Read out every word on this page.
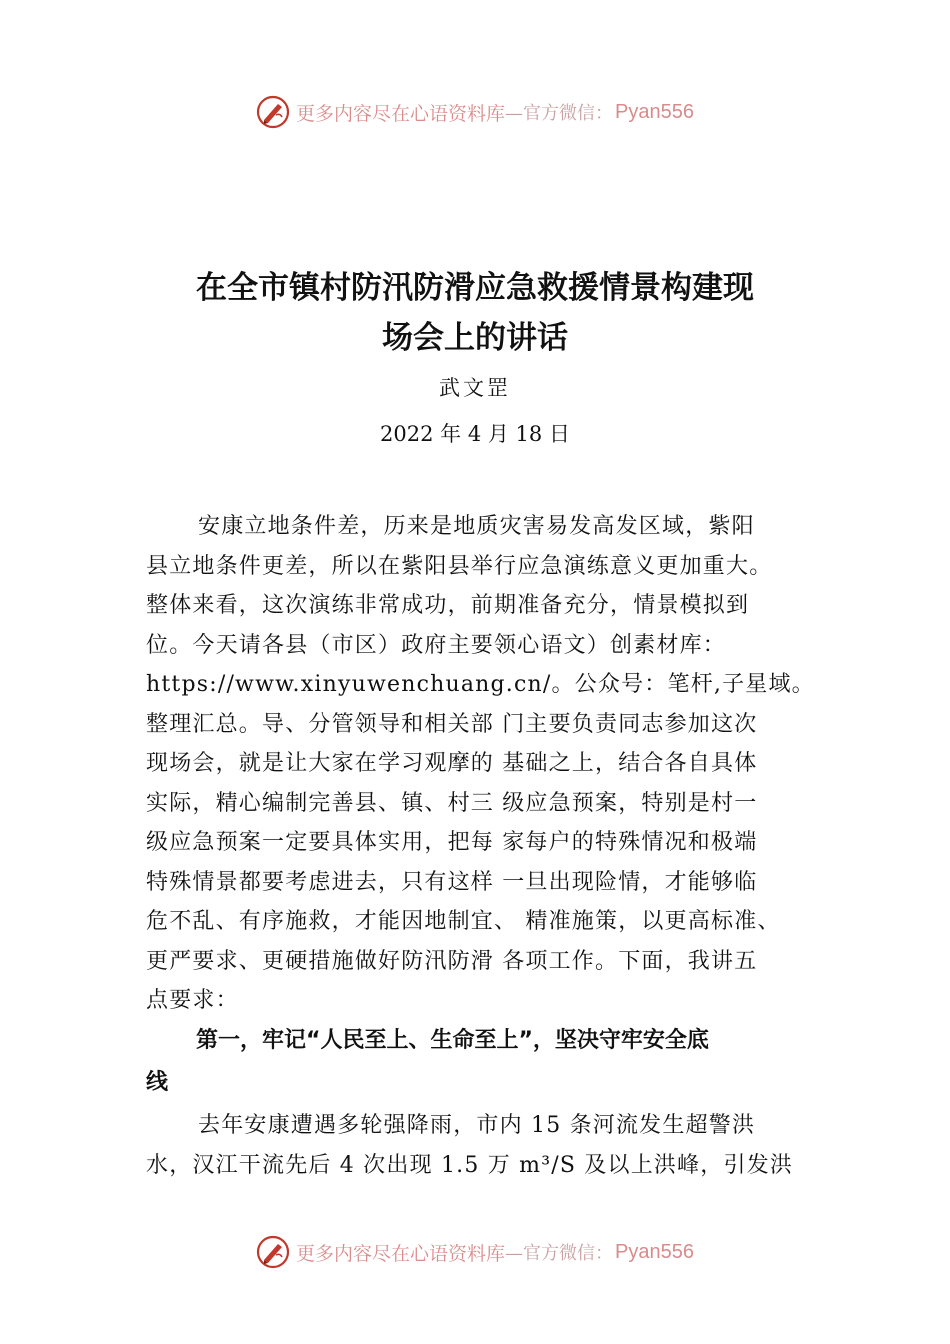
更多内容尽在心语资料库 —官方微信： Pyan556
在全市镇村防汛防滑应急救援情景构建现
场会上的讲话
武文罡
2022 年 4 月 18 日
安康立地条件差，历来是地质灾害易发高发区域，紫阳
县立地条件更差，所以在紫阳县举行应急演练意义更加重大。
整体来看，这次演练非常成功，前期准备充分，情景模拟到
位。今天请各县（市区）政府主要领心语文）创素材库：
https://www.xinyuwenchuang.cn/。公众号：笔杆,子星域。
整理汇总。导、分管领导和相关部 门主要负责同志参加这次
现场会，就是让大家在学习观摩的 基础之上，结合各自具体
实际，精心编制完善县、镇、村三 级应急预案，特别是村一
级应急预案一定要具体实用，把每 家每户的特殊情况和极端
特殊情景都要考虑进去，只有这样 一旦出现险情，才能够临
危不乱、有序施救，才能因地制宜、 精准施策，以更高标准、
更严要求、更硬措施做好防汛防滑 各项工作。下面，我讲五
点要求：
第一，牢记“人民至上、生命至上”，坚决守牢安全底
线
去年安康遭遇多轮强降雨，市内 15 条河流发生超警洪
水，汉江干流先后 4 次出现 1.5 万 m³/S 及以上洪峰，引发洪
更多内容尽在心语资料库 —官方微信： Pyan556
